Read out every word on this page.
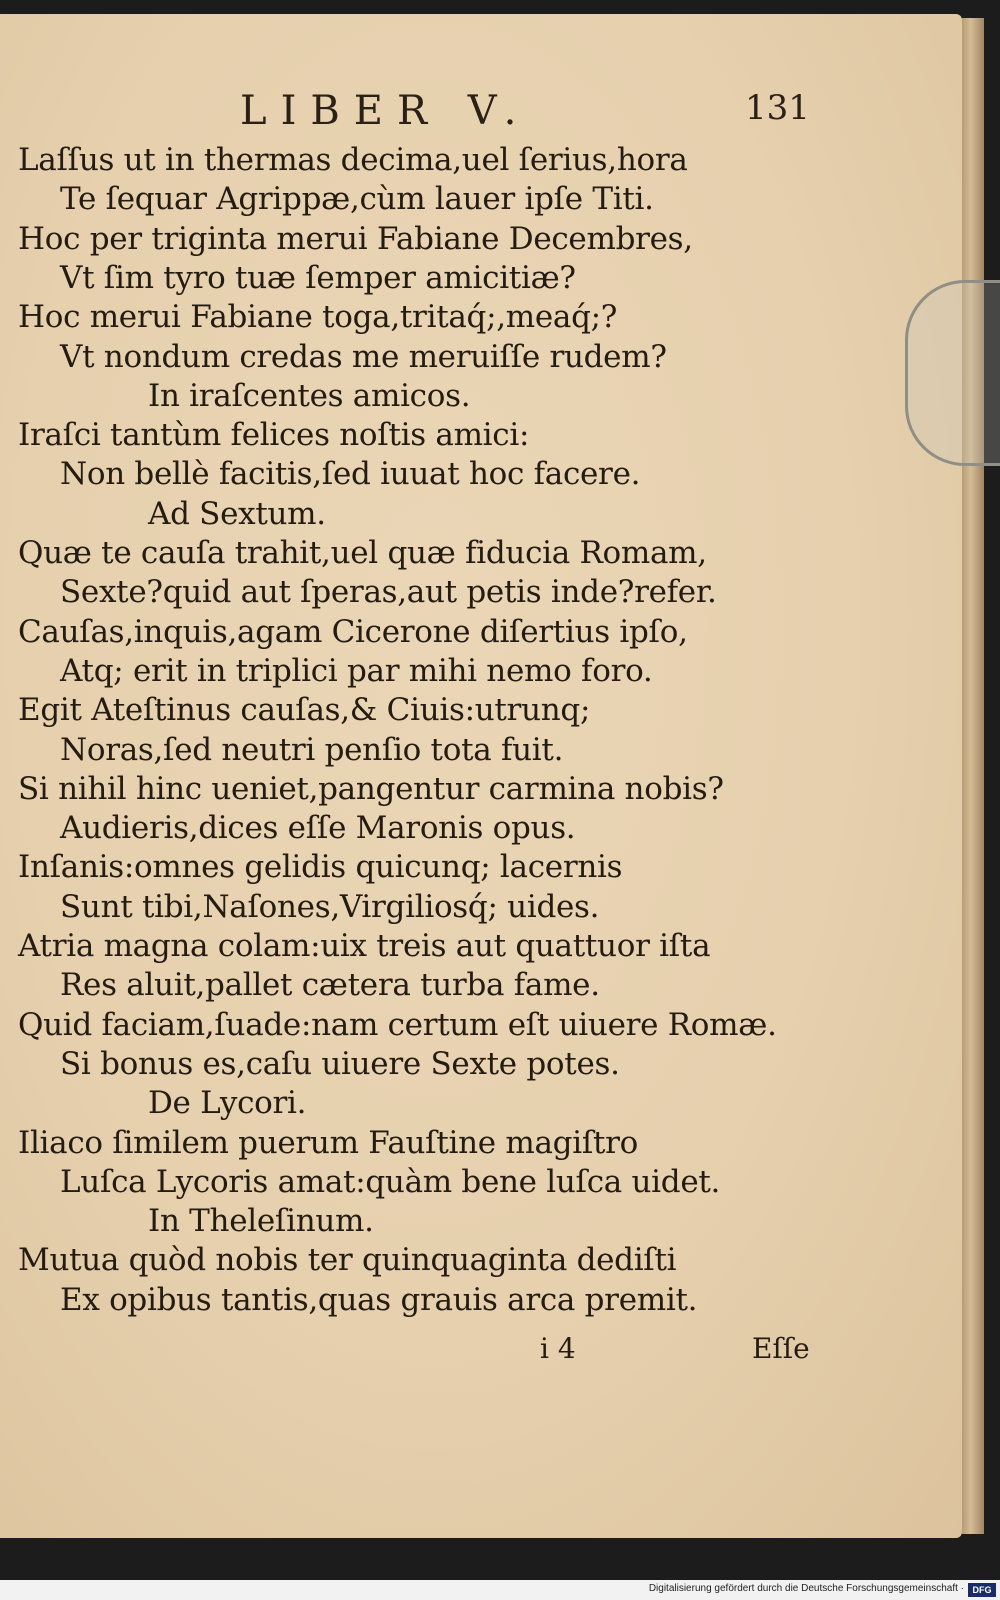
LIBER V.	131
Laſſus ut in thermas decima,uel ſerius,hora
Te ſequar Agrippæ,cùm lauer ipſe Titi.
Hoc per triginta merui Fabiane Decembres,
Vt ſim tyro tuæ ſemper amicitiæ?
Hoc merui Fabiane toga,tritaq́;,meaq́;?
Vt nondum credas me meruiſſe rudem?
In iraſcentes amicos.
Iraſci tantùm felices noſtis amici:
Non bellè facitis,ſed iuuat hoc facere.
Ad Sextum.
Quæ te cauſa trahit,uel quæ fiducia Romam,
Sexte?quid aut ſperas,aut petis inde?refer.
Cauſas,inquis,agam Cicerone diſertius ipſo,
Atq; erit in triplici par mihi nemo foro.
Egit Ateſtinus cauſas,& Ciuis:utrunq;
Noras,ſed neutri penſio tota fuit.
Si nihil hinc ueniet,pangentur carmina nobis?
Audieris,dices eſſe Maronis opus.
Inſanis:omnes gelidis quicunq; lacernis
Sunt tibi,Naſones,Virgiliosq́; uides.
Atria magna colam:uix treis aut quattuor iſta
Res aluit,pallet cætera turba fame.
Quid faciam,ſuade:nam certum eſt uiuere Romæ.
Si bonus es,caſu uiuere Sexte potes.
De Lycori.
Iliaco ſimilem puerum Fauſtine magiſtro
Luſca Lycoris amat:quàm bene luſca uidet.
In Theleſinum.
Mutua quòd nobis ter quinquaginta dediſti
Ex opibus tantis,quas grauis arca premit.
i 4	Eſſe
Digitalisierung gefördert durch die Deutsche Forschungsgemeinschaft · DFG
